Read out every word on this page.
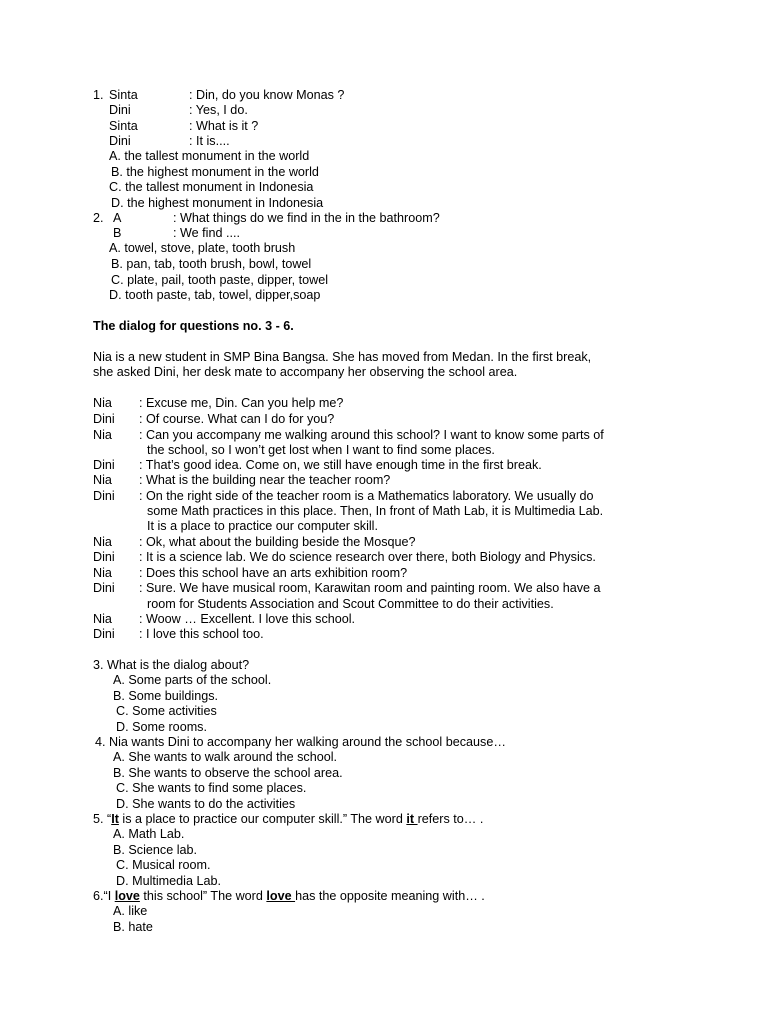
1. Sinta	: Din, do you know Monas ?
Dini	: Yes, I do.
Sinta	: What is it ?
Dini	: It is....
A. the tallest monument in the world
B. the highest monument in the world
C. the tallest monument in Indonesia
D. the highest monument in Indonesia
2. A	: What things do we find in the in the bathroom?
B	: We find ....
A. towel, stove, plate, tooth brush
B. pan, tab, tooth brush, bowl, towel
C. plate, pail, tooth paste, dipper, towel
D. tooth paste, tab, towel, dipper,soap
The dialog for questions no. 3 - 6.
Nia is a new student in SMP Bina Bangsa. She has moved from Medan. In the first break,
she asked Dini, her desk mate to accompany her observing the school area.
Nia : Excuse me, Din. Can you help me?
Dini : Of course. What can I do for you?
Nia : Can you accompany me walking around this school? I want to know some parts of
the school, so I won’t get lost when I want to find some places.
Dini : That’s good idea. Come on, we still have enough time in the first break.
Nia : What is the building near the teacher room?
Dini : On the right side of the teacher room is a Mathematics laboratory. We usually do
some Math practices in this place. Then, In front of Math Lab, it is Multimedia Lab.
It is a place to practice our computer skill.
Nia : Ok, what about the building beside the Mosque?
Dini : It is a science lab. We do science research over there, both Biology and Physics.
Nia : Does this school have an arts exhibition room?
Dini : Sure. We have musical room, Karawitan room and painting room. We also have a
room for Students Association and Scout Committee to do their activities.
Nia : Woow … Excellent. I love this school.
Dini : I love this school too.
3. What is the dialog about?
A. Some parts of the school.
B. Some buildings.
C. Some activities
D. Some rooms.
4. Nia wants Dini to accompany her walking around the school because…
A. She wants to walk around the school.
B. She wants to observe the school area.
C. She wants to find some places.
D. She wants to do the activities
5. “It is a place to practice our computer skill.” The word it refers to… .
A. Math Lab.
B. Science lab.
C. Musical room.
D. Multimedia Lab.
6.“I love this school” The word love has the opposite meaning with… .
A. like
B. hate
